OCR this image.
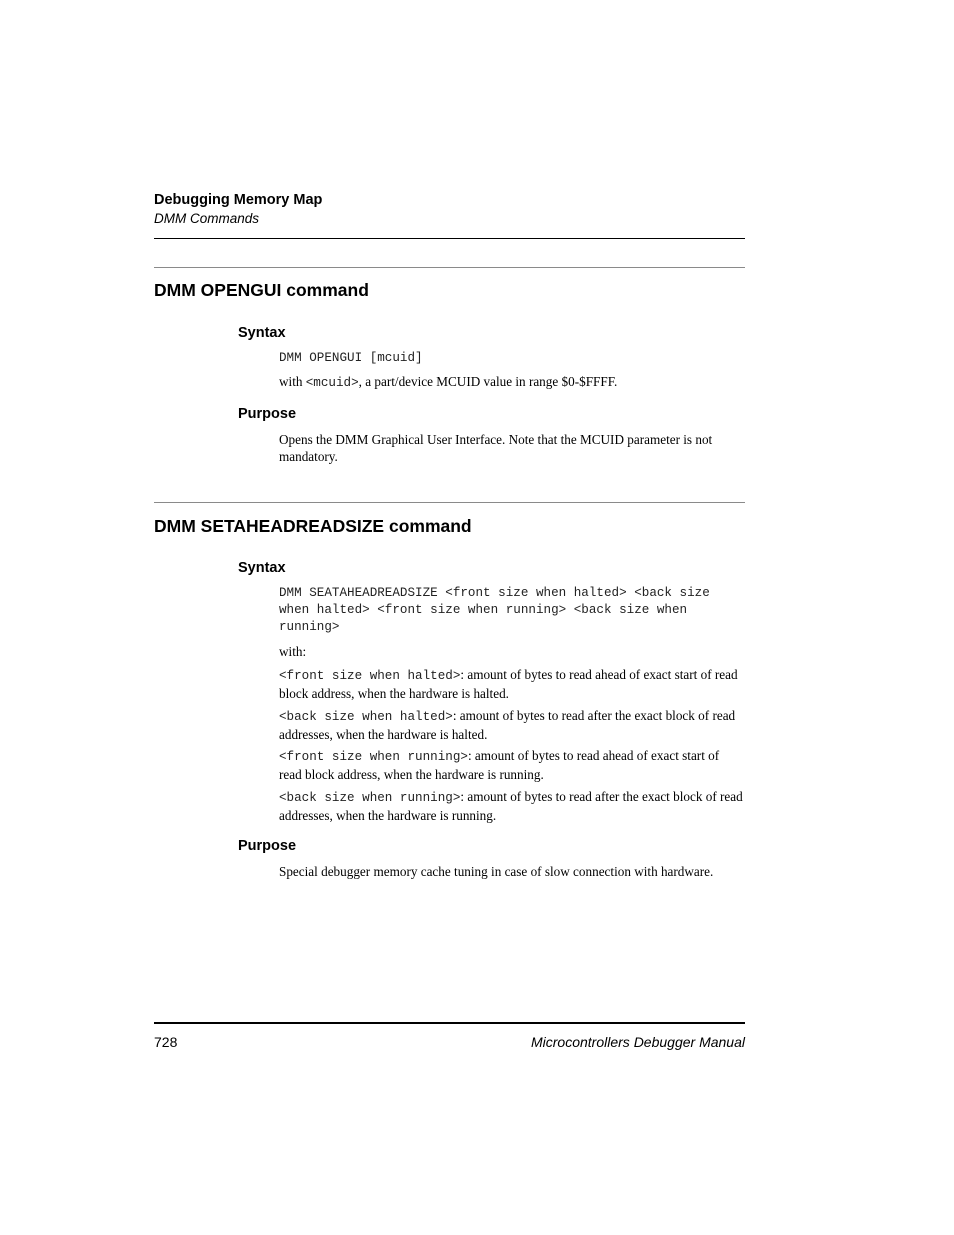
Debugging Memory Map
DMM Commands
DMM OPENGUI command
Syntax
DMM OPENGUI [mcuid]
with <mcuid>, a part/device MCUID value in range $0-$FFFF.
Purpose
Opens the DMM Graphical User Interface. Note that the MCUID parameter is not mandatory.
DMM SETAHEADREADSIZE command
Syntax
DMM SEATAHEADREADSIZE <front size when halted> <back size when halted> <front size when running> <back size when running>
with:
<front size when halted>: amount of bytes to read ahead of exact start of read block address, when the hardware is halted.
<back size when halted>: amount of bytes to read after the exact block of read addresses, when the hardware is halted.
<front size when running>: amount of bytes to read ahead of exact start of read block address, when the hardware is running.
<back size when running>: amount of bytes to read after the exact block of read addresses, when the hardware is running.
Purpose
Special debugger memory cache tuning in case of slow connection with hardware.
728	Microcontrollers Debugger Manual
